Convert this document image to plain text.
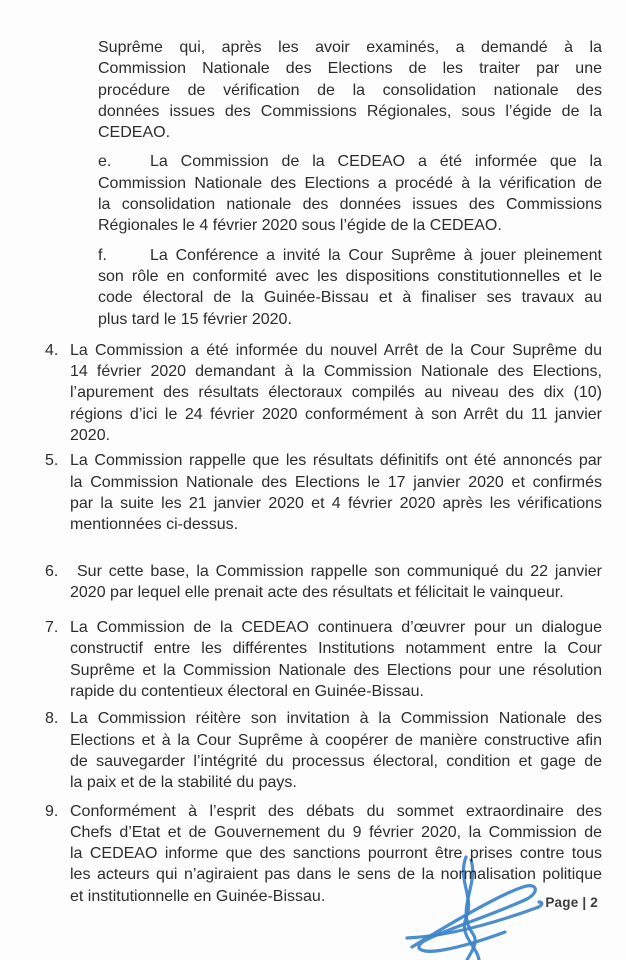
Suprême qui, après les avoir examinés, a demandé à la
Commission Nationale des Elections de les traiter par une
procédure de vérification de la consolidation nationale des
données issues des Commissions Régionales, sous l’égide de la
CEDEAO.
e. La Commission de la CEDEAO a été informée que la
Commission Nationale des Elections a procédé à la vérification de
la consolidation nationale des données issues des Commissions
Régionales le 4 février 2020 sous l’égide de la CEDEAO.
f.	La Conférence a invité la Cour Suprême à jouer pleinement
son rôle en conformité avec les dispositions constitutionnelles et le
code électoral de la Guinée-Bissau et à finaliser ses travaux au
plus tard le 15 février 2020.
4. La Commission a été informée du nouvel Arrêt de la Cour Suprême du
14 février 2020 demandant à la Commission Nationale des Elections,
l’apurement des résultats électoraux compilés au niveau des dix (10)
régions d’ici le 24 février 2020 conformément à son Arrêt du 11 janvier
2020.
5. La Commission rappelle que les résultats définitifs ont été annoncés par
la Commission Nationale des Elections le 17 janvier 2020 et confirmés
par la suite les 21 janvier 2020 et 4 février 2020 après les vérifications
mentionnées ci-dessus.
6.	Sur cette base, la Commission rappelle son communiqué du 22 janvier
2020 par lequel elle prenait acte des résultats et félicitait le vainqueur.
7. La Commission de la CEDEAO continuera d’œuvrer pour un dialogue
constructif entre les différentes Institutions notamment entre la Cour
Suprême et la Commission Nationale des Elections pour une résolution
rapide du contentieux électoral en Guinée-Bissau.
8. La Commission réitère son invitation à la Commission Nationale des
Elections et à la Cour Suprême à coopérer de manière constructive afin
de sauvegarder l’intégrité du processus électoral, condition et gage de
la paix et de la stabilité du pays.
9. Conformément à l’esprit des débats du sommet extraordinaire des
Chefs d’Etat et de Gouvernement du 9 février 2020, la Commission de
la CEDEAO informe que des sanctions pourront être prises contre tous
les acteurs qui n’agiraient pas dans le sens de la normalisation politique
et institutionnelle en Guinée-Bissau.	Page | 2
